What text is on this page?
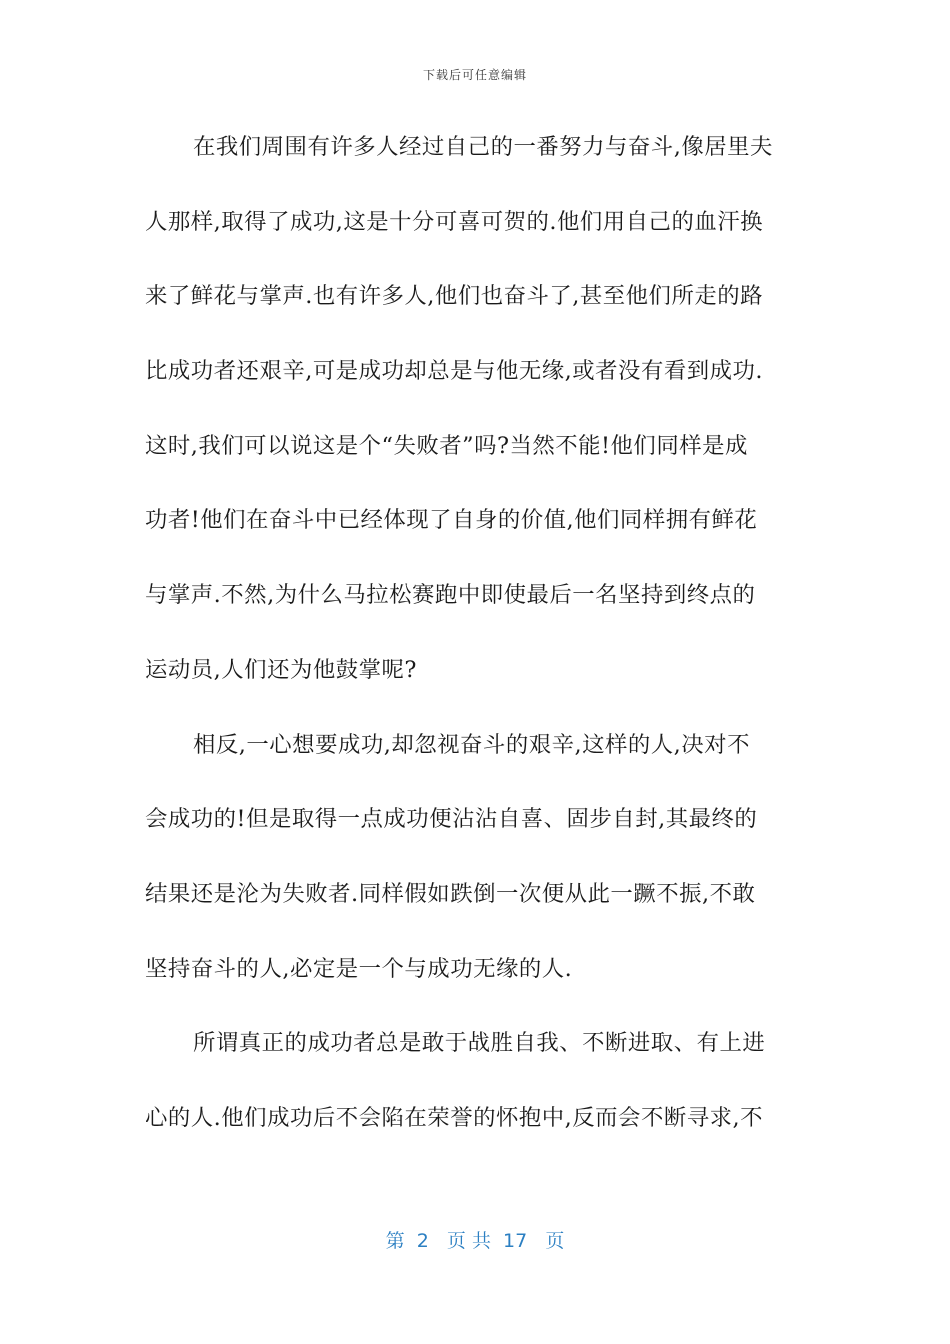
下载后可任意编辑
在我们周围有许多人经过自己的一番努力与奋斗,像居里夫
人那样,取得了成功,这是十分可喜可贺的.他们用自己的血汗换
来了鲜花与掌声.也有许多人,他们也奋斗了,甚至他们所走的路
比成功者还艰辛,可是成功却总是与他无缘,或者没有看到成功.
这时,我们可以说这是个“失败者”吗?当然不能!他们同样是成
功者!他们在奋斗中已经体现了自身的价值,他们同样拥有鲜花
与掌声.不然,为什么马拉松赛跑中即使最后一名坚持到终点的
运动员,人们还为他鼓掌呢?
相反,一心想要成功,却忽视奋斗的艰辛,这样的人,决对不
会成功的!但是取得一点成功便沾沾自喜、固步自封,其最终的
结果还是沦为失败者.同样假如跌倒一次便从此一蹶不振,不敢
坚持奋斗的人,必定是一个与成功无缘的人.
所谓真正的成功者总是敢于战胜自我、不断进取、有上进
心的人.他们成功后不会陷在荣誉的怀抱中,反而会不断寻求,不
第  2   页 共  17   页
